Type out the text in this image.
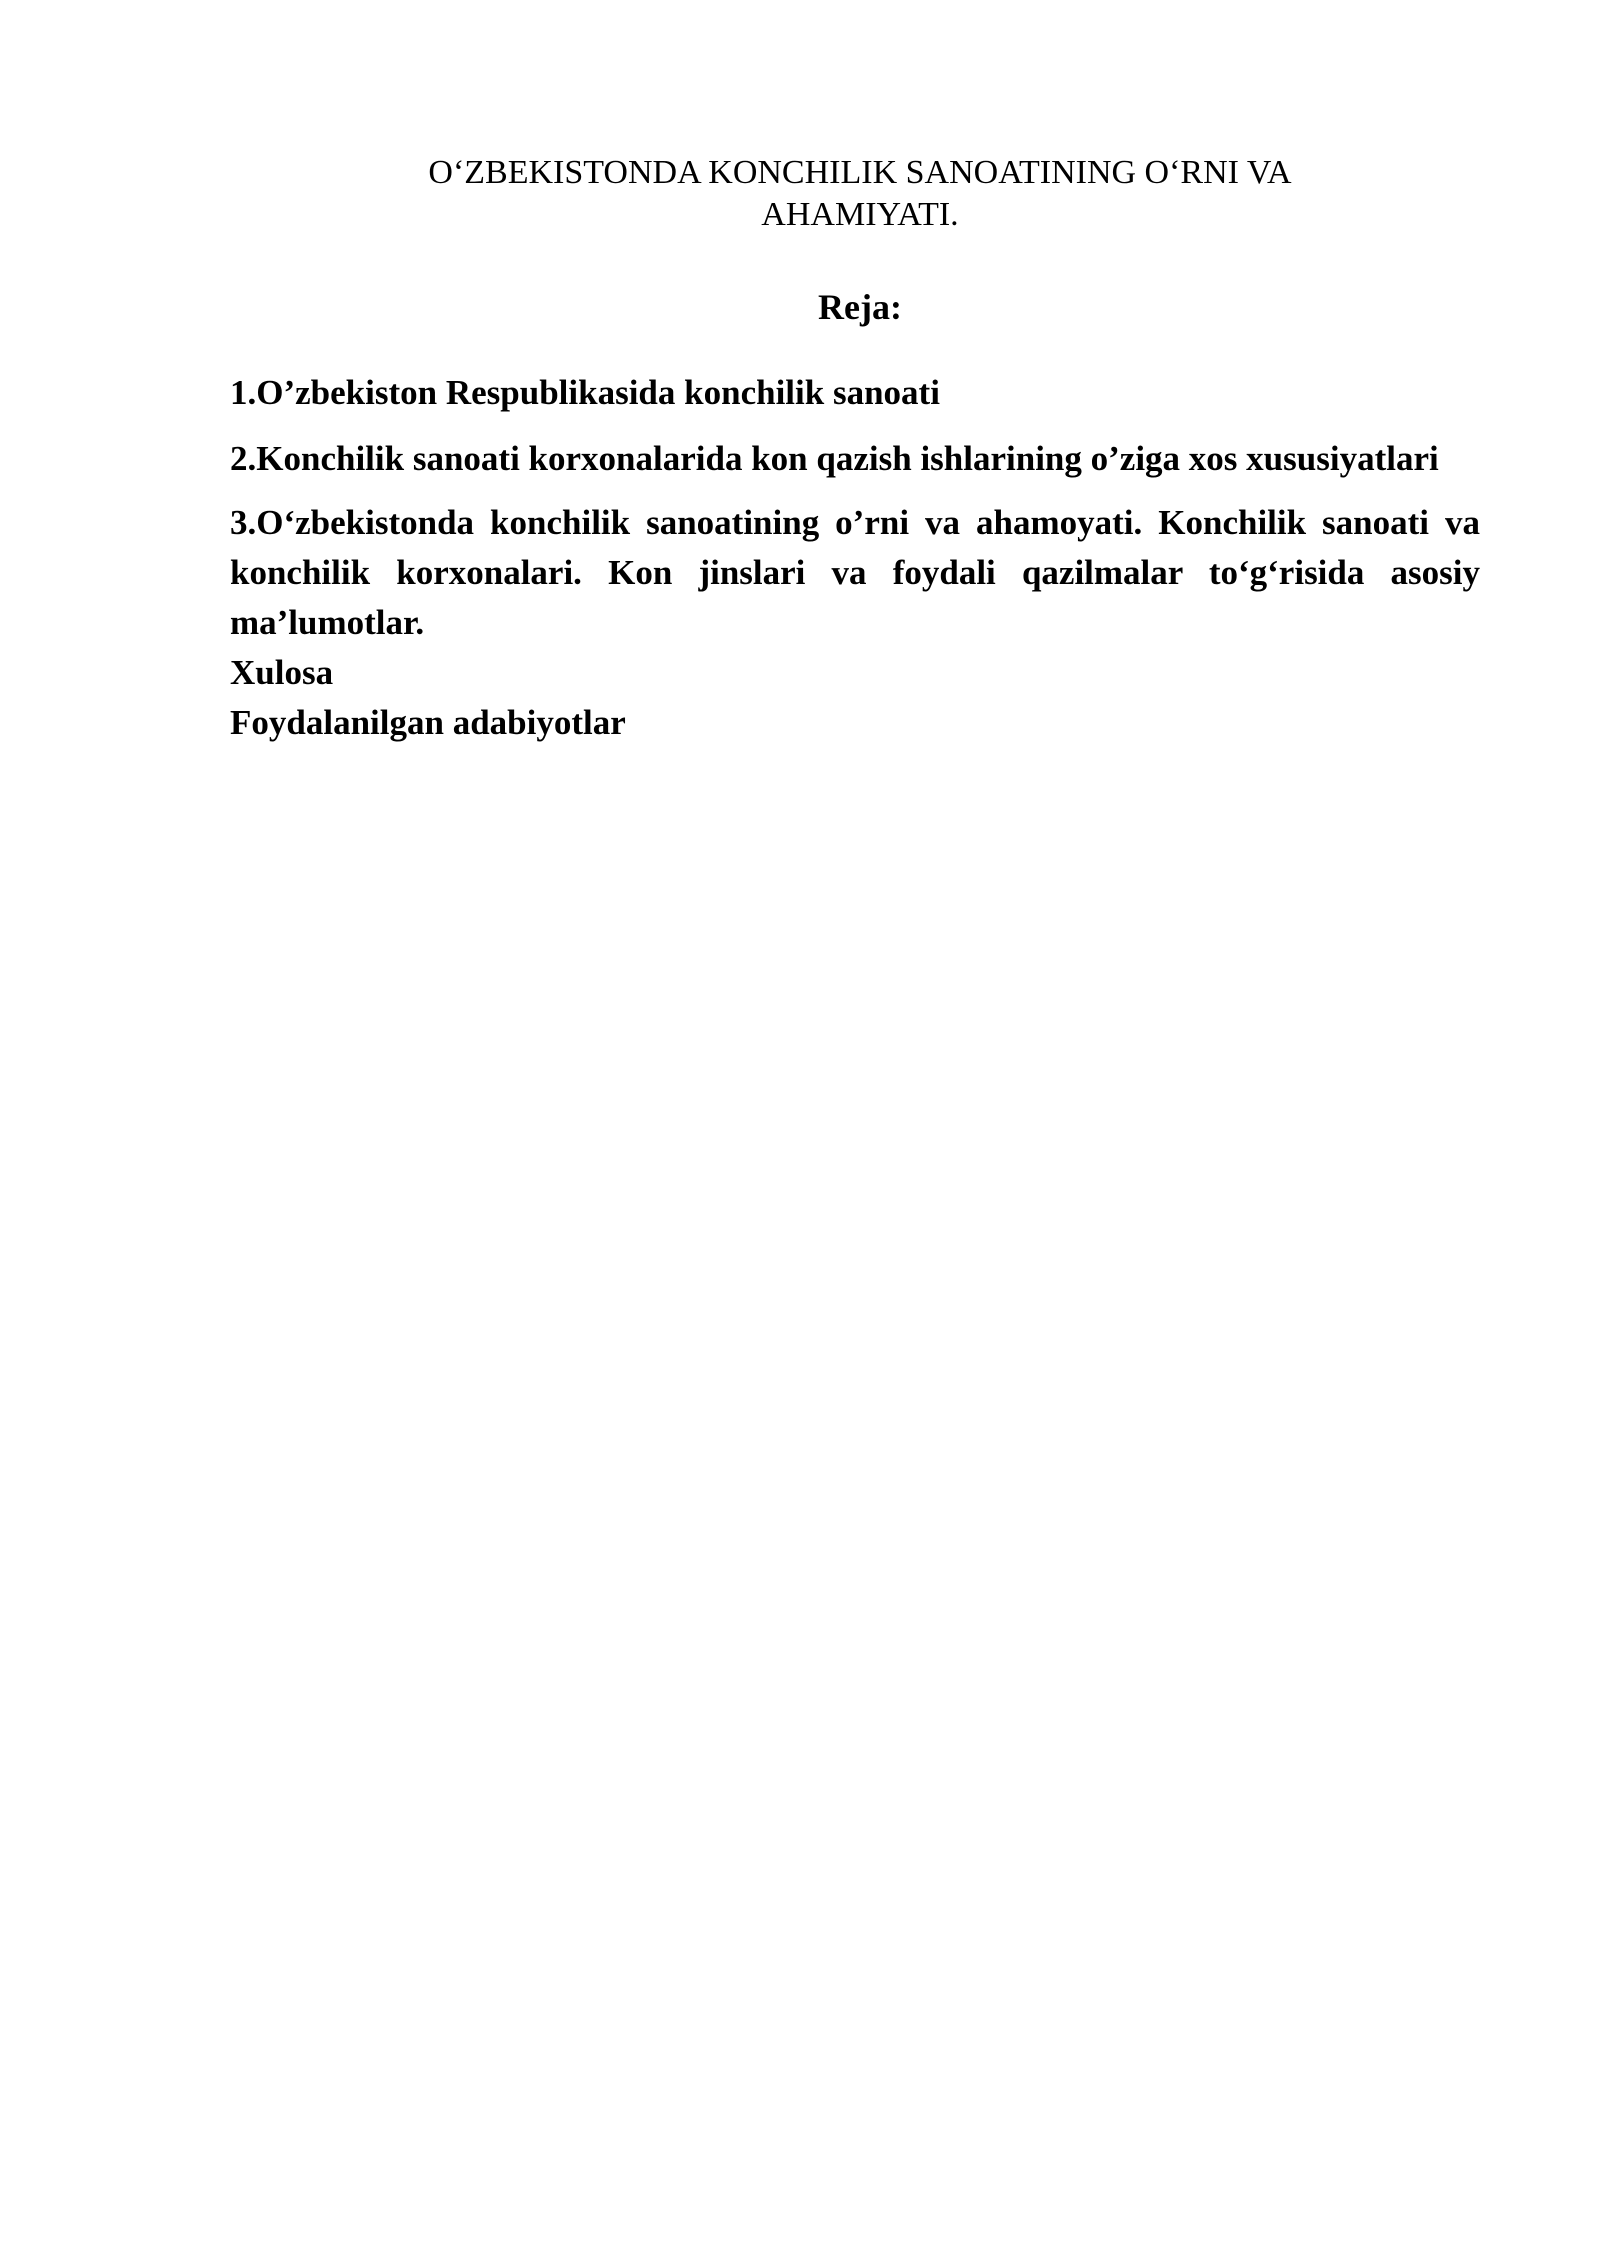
O‘ZBEKISTONDA KONCHILIK SANOATINING O‘RNI VA AHAMIYATI.
Reja:

1.O’zbekiston Respublikasida konchilik sanoati

2.Konchilik sanoati korxonalarida kon qazish ishlarining o’ziga xos xususiyatlari

3.O‘zbekistonda konchilik sanoatining o’rni va ahamoyati. Konchilik sanoati va konchilik korxonalari. Kon jinslari va foydali qazilmalar to‘g‘risida asosiy ma’lumotlar.

Xulosa

Foydalanilgan adabiyotlar
